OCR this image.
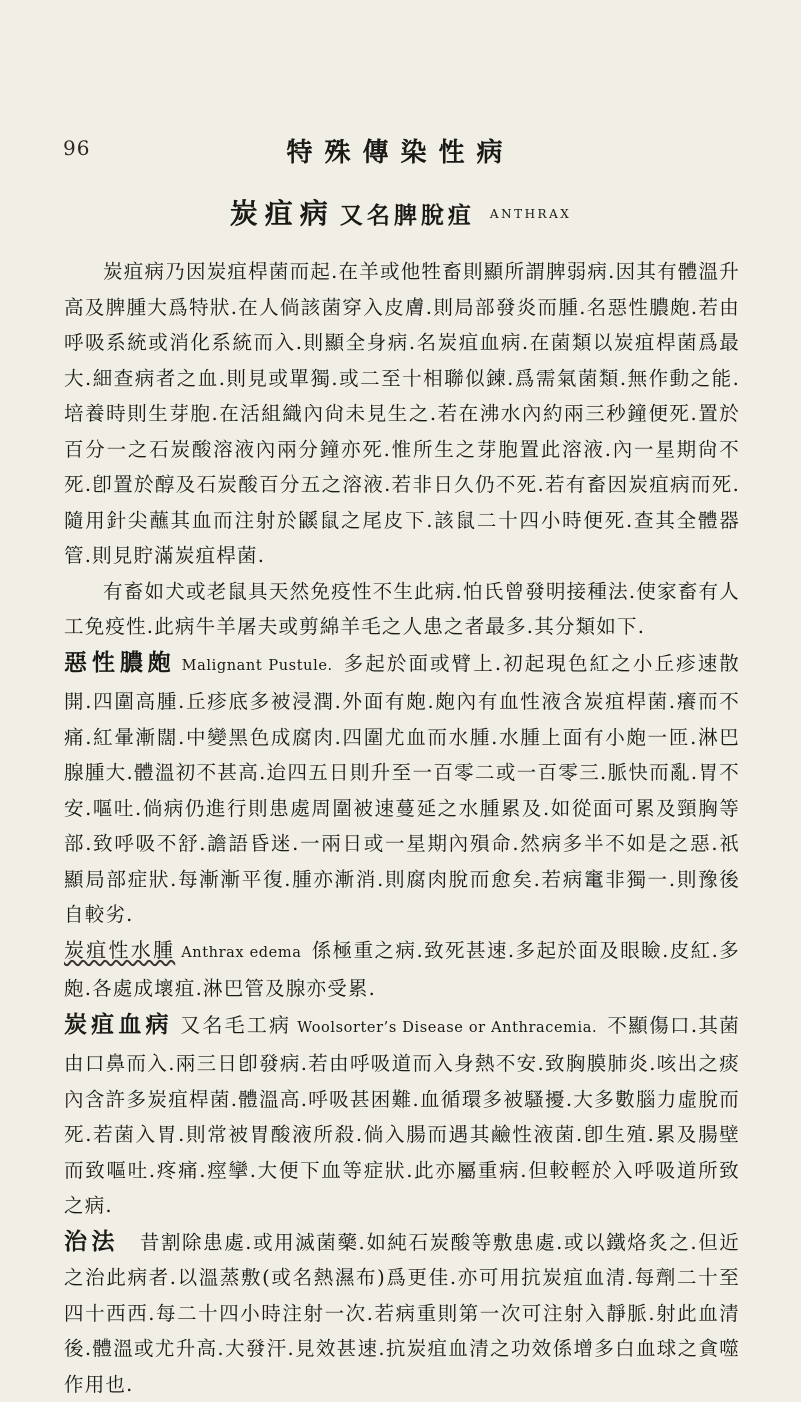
96	特殊傳染性病
炭疽病 又名脾脫疽 $^{ANTHRAX}$

炭疽病乃因炭疽桿菌而起.在羊或他牲畜則顯所謂脾弱病.因其有體溫升高及脾腫大爲特狀.在人倘該菌穿入皮膚.則局部發炎而腫.名惡性膿皰.若由呼吸系統或消化系統而入.則顯全身病.名炭疽血病.在菌類以炭疽桿菌爲最大.細查病者之血.則見或單獨.或二至十相聯似鍊.爲需氣菌類.無作動之能.培養時則生芽胞.在活組織內尙未見生之.若在沸水內約兩三秒鐘便死.置於百分一之石炭酸溶液內兩分鐘亦死.惟所生之芽胞置此溶液.內一星期尙不死.卽置於醇及石炭酸百分五之溶液.若非日久仍不死.若有畜因炭疽病而死.隨用針尖蘸其血而注射於鼷鼠之尾皮下.該鼠二十四小時便死.查其全體器管.則見貯滿炭疽桿菌.

有畜如犬或老鼠具天然免疫性不生此病.怕氏曾發明接種法.使家畜有人工免疫性.此病牛羊屠夫或剪綿羊毛之人患之者最多.其分類如下.

惡性膿皰 Malignant Pustule. 多起於面或臂上.初起現色紅之小丘疹速散開.四圍高腫.丘疹底多被浸潤.外面有皰.皰內有血性液含炭疽桿菌.癢而不痛.紅暈漸闊.中變黑色成腐肉.四圍尤血而水腫.水腫上面有小皰一匝.淋巴腺腫大.體溫初不甚高.迨四五日則升至一百零二或一百零三.脈快而亂.胃不安.嘔吐.倘病仍進行則患處周圍被速蔓延之水腫累及.如從面可累及頸胸等部.致呼吸不舒.譫語昏迷.一兩日或一星期內殞命.然病多半不如是之惡.祇顯局部症狀.每漸漸平復.腫亦漸消.則腐肉脫而愈矣.若病竃非獨一.則豫後自較劣.

炭疽性水腫 Anthrax edema 係極重之病.致死甚速.多起於面及眼瞼.皮紅.多皰.各處成壞疽.淋巴管及腺亦受累.

炭疽血病 又名毛工病 Woolsorter’s Disease or Anthracemia. 不顯傷口.其菌由口鼻而入.兩三日卽發病.若由呼吸道而入身熱不安.致胸膜肺炎.咳出之痰內含許多炭疽桿菌.體溫高.呼吸甚困難.血循環多被騷擾.大多數腦力虛脫而死.若菌入胃.則常被胃酸液所殺.倘入腸而遇其鹼性液菌.卽生殖.累及腸壁而致嘔吐.疼痛.痙攣.大便下血等症狀.此亦屬重病.但較輕於入呼吸道所致之病.

治法  昔割除患處.或用滅菌藥.如純石炭酸等敷患處.或以鐵烙炙之.但近之治此病者.以溫蒸敷(或名熱濕布)爲更佳.亦可用抗炭疽血清.每劑二十至四十西西.每二十四小時注射一次.若病重則第一次可注射入靜脈.射此血清後.體溫或尤升高.大發汗.見效甚速.抗炭疽血清之功效係增多白血球之貪噬作用也.
